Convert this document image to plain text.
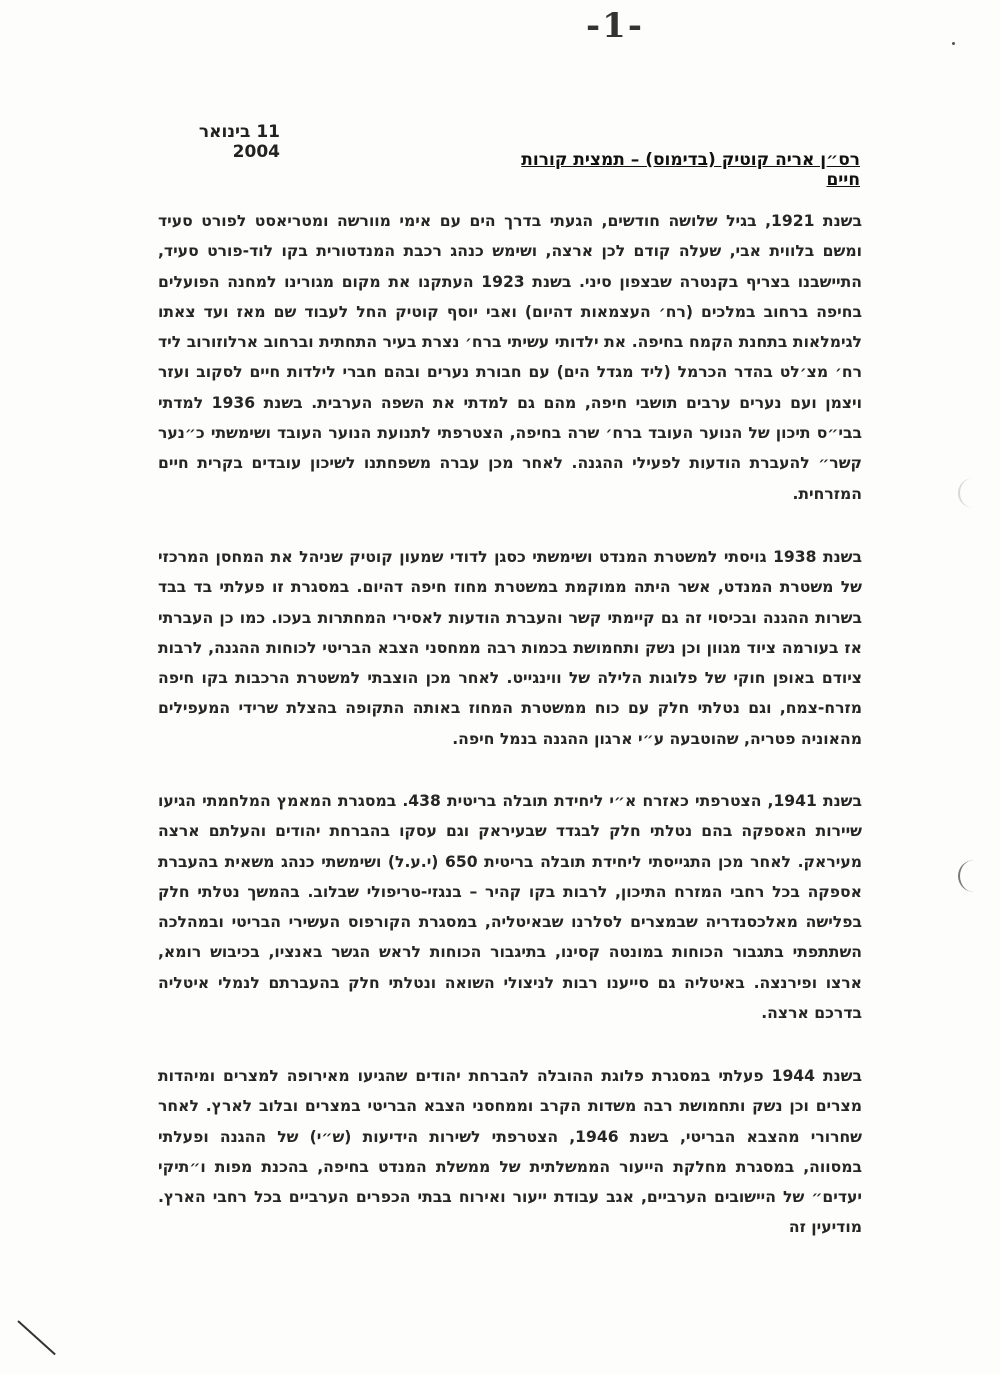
-1-
11 בינואר 2004	רס״ן אריה קוטיק (בדימוס) – תמצית קורות חיים

בשנת 1921, בגיל שלושה חודשים, הגעתי בדרך הים עם אימי מוורשה ומטריאסט לפורט סעיד ומשם בלווית אבי, שעלה קודם לכן ארצה, ושימש כנהג רכבת המנדטורית בקו לוד-פורט סעיד, התיישבנו בצריף בקנטרה שבצפון סיני. בשנת 1923 העתקנו את מקום מגורינו למחנה הפועלים בחיפה ברחוב במלכים (רח׳ העצמאות דהיום) ואבי יוסף קוטיק החל לעבוד שם מאז ועד צאתו לגימלאות בתחנת הקמח בחיפה. את ילדותי עשיתי ברח׳ נצרת בעיר התחתית וברחוב ארלוזורוב ליד רח׳ מצ׳לט בהדר הכרמל (ליד מגדל הים) עם חבורת נערים ובהם חברי לילדות חיים לסקוב ועזר ויצמן ועם נערים ערבים תושבי חיפה, מהם גם למדתי את השפה הערבית. בשנת 1936 למדתי בבי״ס תיכון של הנוער העובד ברח׳ שרה בחיפה, הצטרפתי לתנועת הנוער העובד ושימשתי כ״נער קשר״ להעברת הודעות לפעילי ההגנה. לאחר מכן עברה משפחתנו לשיכון עובדים בקרית חיים המזרחית.

בשנת 1938 גויסתי למשטרת המנדט ושימשתי כסגן לדודי שמעון קוטיק שניהל את המחסן המרכזי של משטרת המנדט, אשר היתה ממוקמת במשטרת מחוז חיפה דהיום. במסגרת זו פעלתי בד בבד בשרות ההגנה ובכיסוי זה גם קיימתי קשר והעברת הודעות לאסירי המחתרות בעכו. כמו כן העברתי אז בעורמה ציוד מגוון וכן נשק ותחמושת בכמות רבה ממחסני הצבא הבריטי לכוחות ההגנה, לרבות ציודם באופן חוקי של פלוגות הלילה של ווינגייט. לאחר מכן הוצבתי למשטרת הרכבות בקו חיפה מזרח-צמח, וגם נטלתי חלק עם כוח ממשטרת המחוז באותה התקופה בהצלת שרידי המעפילים מהאוניה פטריה, שהוטבעה ע״י ארגון ההגנה בנמל חיפה.

בשנת 1941, הצטרפתי כאזרח א״י ליחידת תובלה בריטית 438. במסגרת המאמץ המלחמתי הגיעו שיירות האספקה בהם נטלתי חלק לבגדד שבעיראק וגם עסקו בהברחת יהודים והעלתם ארצה מעיראק. לאחר מכן התגייסתי ליחידת תובלה בריטית 650 (י.ע.ל) ושימשתי כנהג משאית בהעברת אספקה בכל רחבי המזרח התיכון, לרבות בקו קהיר – בנגזי-טריפולי שבלוב. בהמשך נטלתי חלק בפלישה מאלכסנדריה שבמצרים לסלרנו שבאיטליה, במסגרת הקורפוס העשירי הבריטי ובמהלכה השתתפתי בתגבור הכוחות במונטה קסינו, בתיגבור הכוחות לראש הגשר באנציו, בכיבוש רומא, ארצו ופירנצה. באיטליה גם סייענו רבות לניצולי השואה ונטלתי חלק בהעברתם לנמלי איטליה בדרכם ארצה.

בשנת 1944 פעלתי במסגרת פלוגת ההובלה להברחת יהודים שהגיעו מאירופה למצרים ומיהדות מצרים וכן נשק ותחמושת רבה משדות הקרב וממחסני הצבא הבריטי במצרים ובלוב לארץ. לאחר שחרורי מהצבא הבריטי, בשנת 1946, הצטרפתי לשירות הידיעות (ש״י) של ההגנה ופעלתי במסווה, במסגרת מחלקת הייעור הממשלתית של ממשלת המנדט בחיפה, בהכנת מפות ו״תיקי יעדים״ של היישובים הערביים, אגב עבודת ייעור ואירוח בבתי הכפרים הערביים בכל רחבי הארץ. מודיעין זה
